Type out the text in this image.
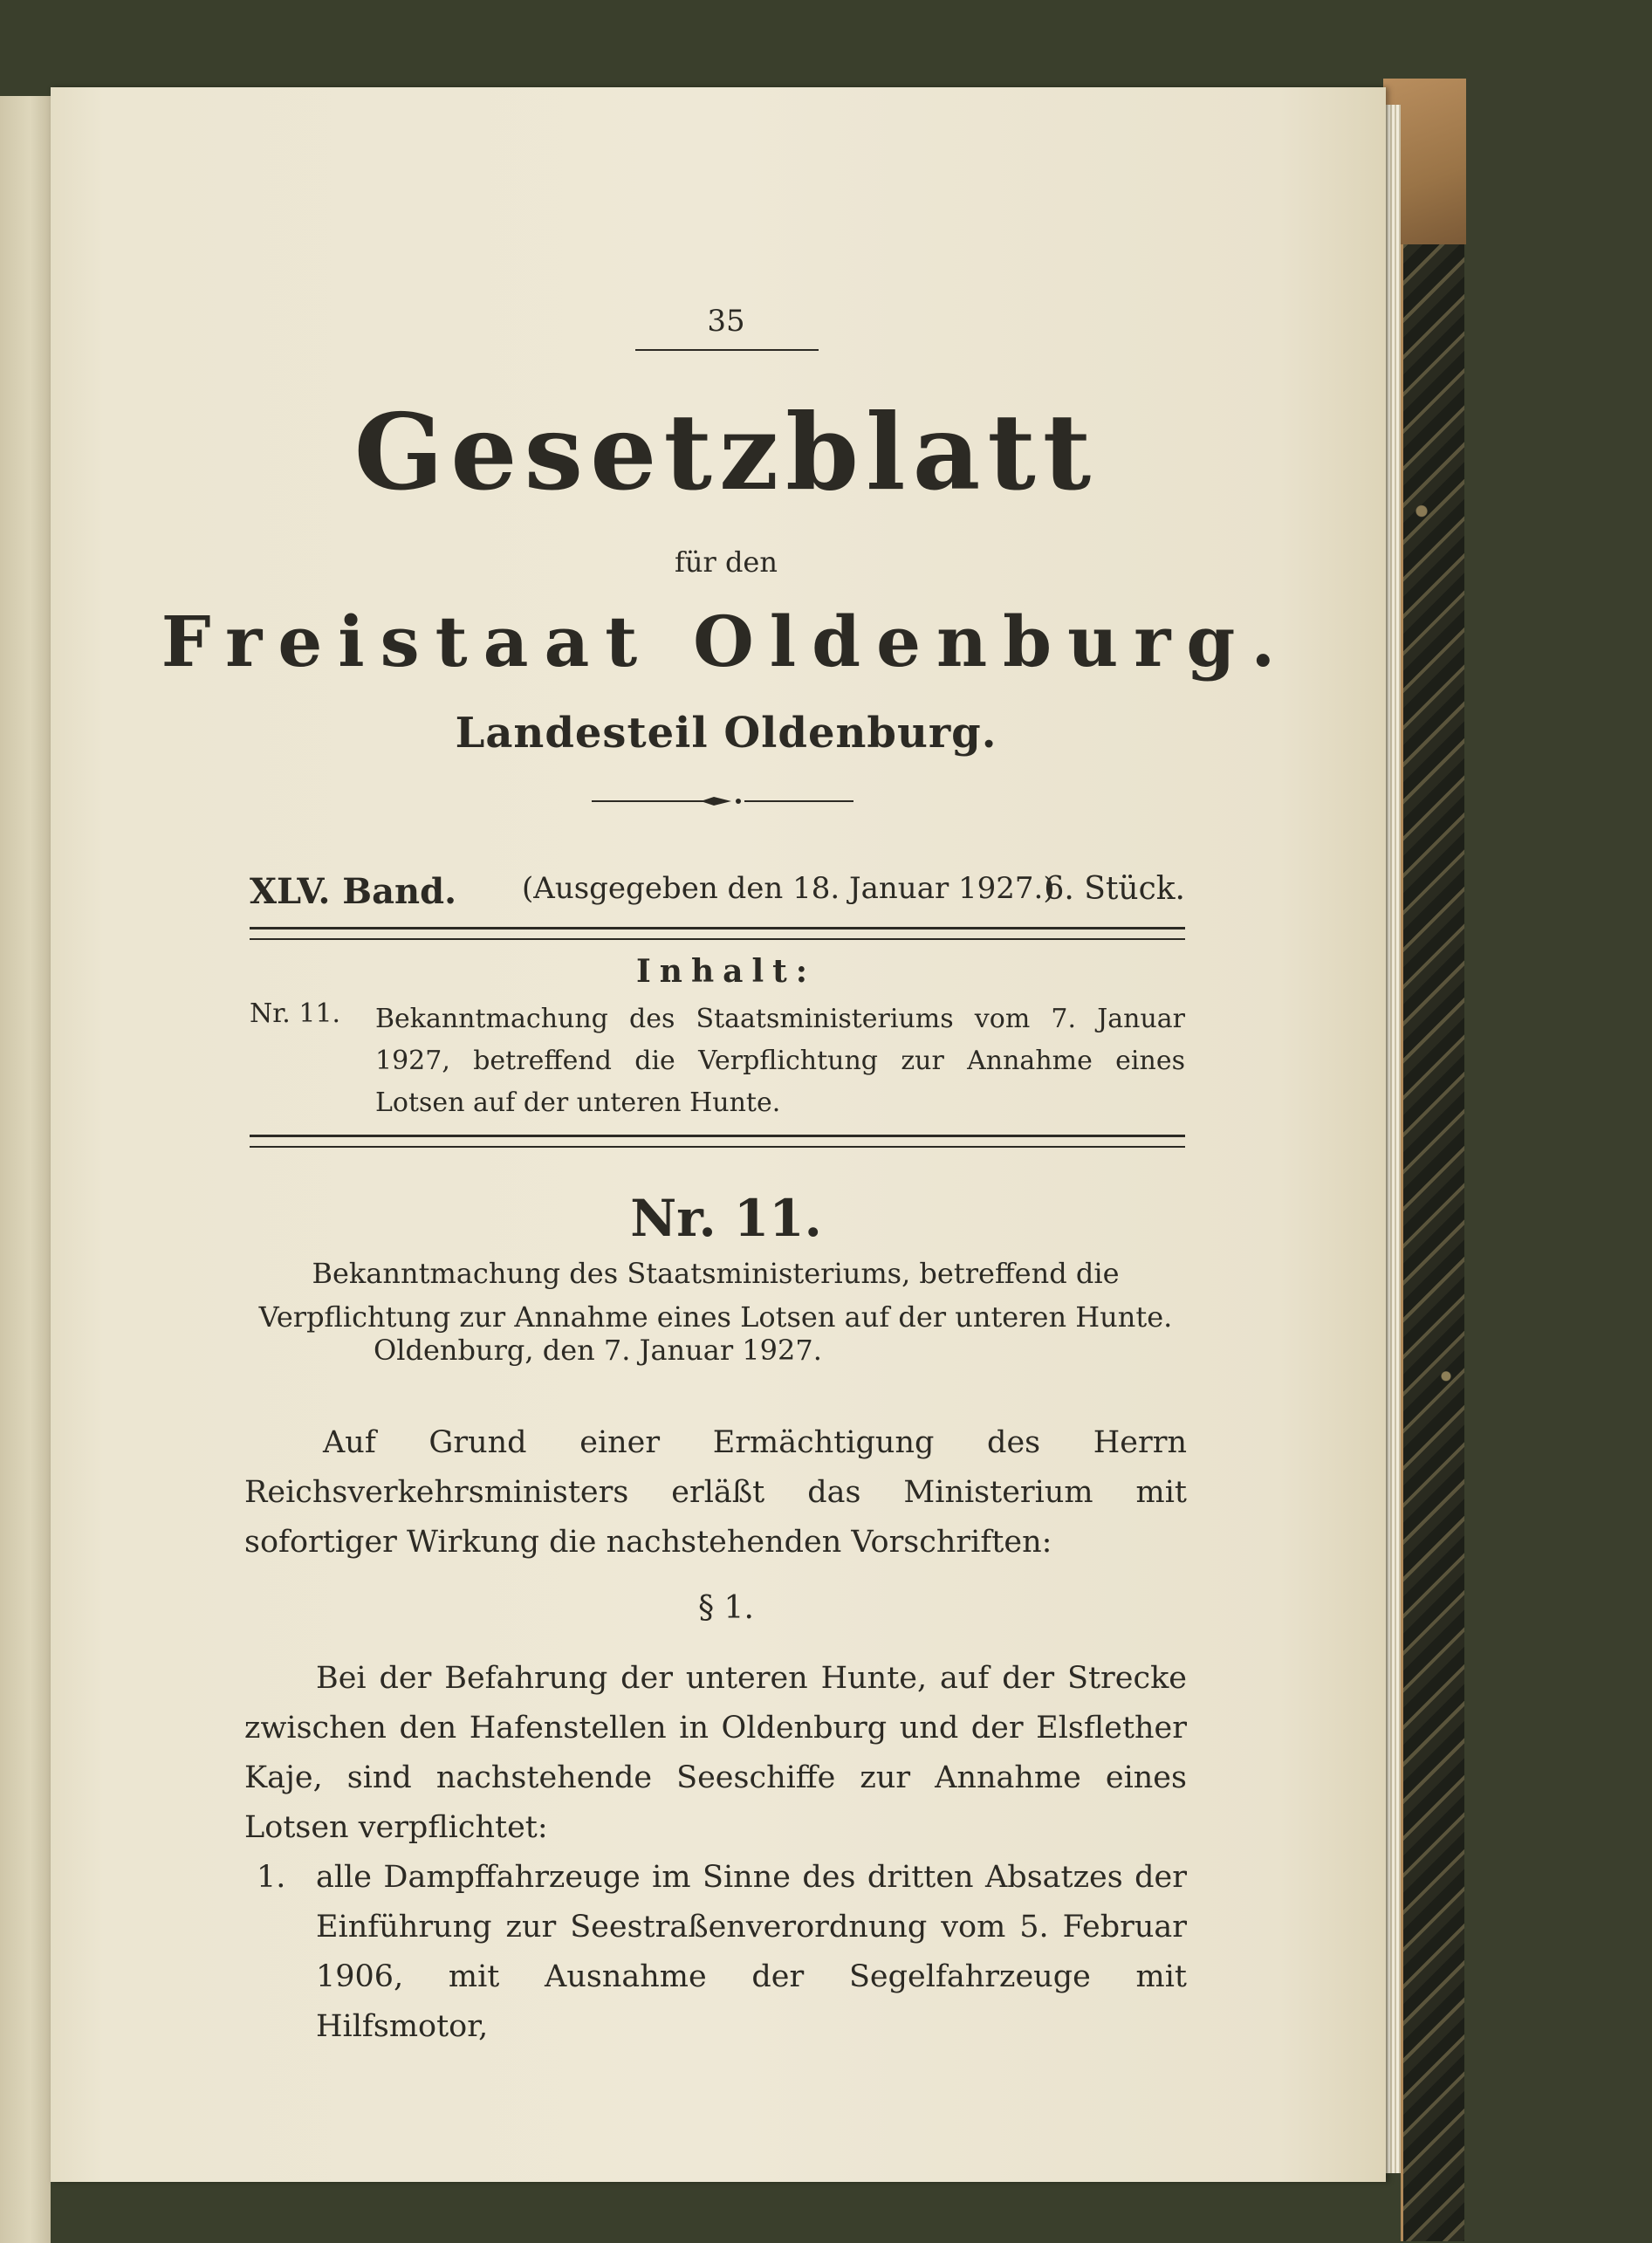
35
Gesetzblatt
für den
Freistaat Oldenburg.
Landesteil Oldenburg.
XLV. Band. (Ausgegeben den 18. Januar 1927.)
6. Stück.
Inhalt:
Nr. 11. Bekanntmachung des Staatsministeriums vom 7. Januar 1927, betreffend die Verpflichtung zur Annahme eines Lotsen auf der unteren Hunte.
Nr. 11.
Bekanntmachung des Staatsministeriums, betreffend die Verpflichtung zur Annahme eines Lotsen auf der unteren Hunte.
Oldenburg, den 7. Januar 1927.
Auf Grund einer Ermächtigung des Herrn Reichsverkehrsministers erläßt das Ministerium mit sofortiger Wirkung die nachstehenden Vorschriften:
§ 1.
Bei der Befahrung der unteren Hunte, auf der Strecke zwischen den Hafenstellen in Oldenburg und der Elsflether Kaje, sind nachstehende Seeschiffe zur Annahme eines Lotsen verpflichtet:
1. alle Dampffahrzeuge im Sinne des dritten Absatzes der Einführung zur Seestraßenverordnung vom 5. Februar 1906, mit Ausnahme der Segelfahrzeuge mit Hilfsmotor,
